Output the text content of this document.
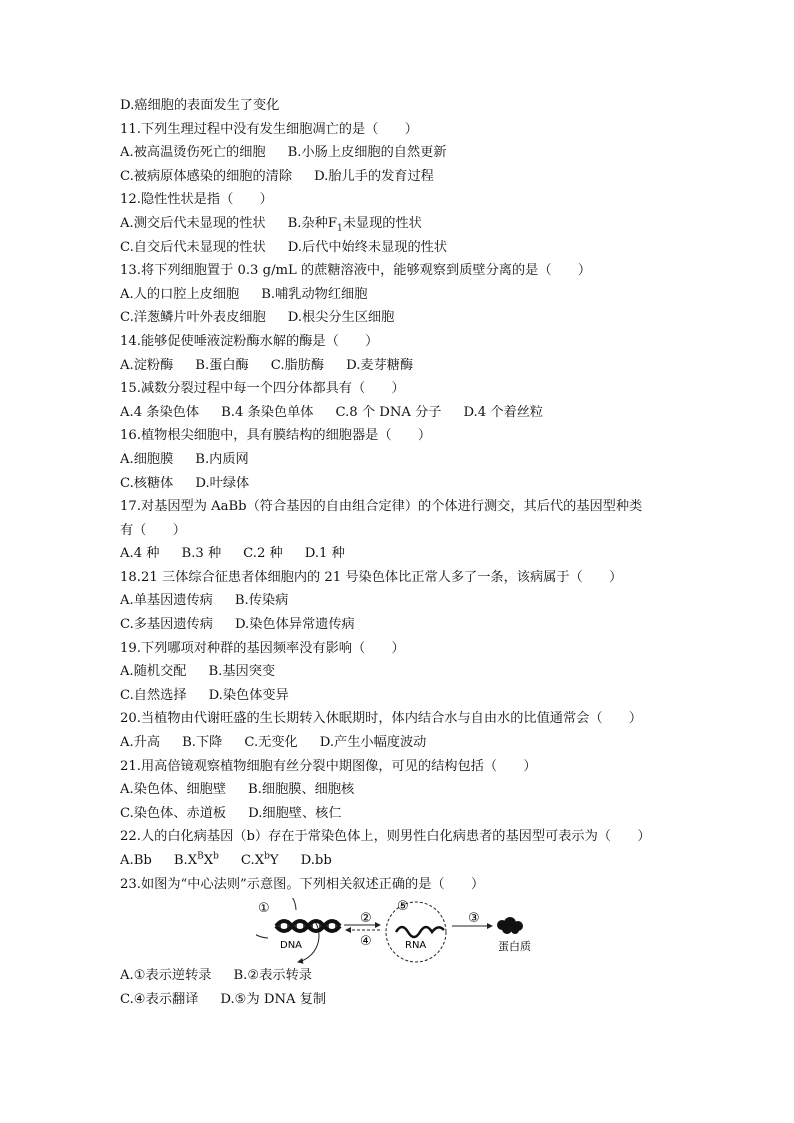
D.癌细胞的表面发生了变化
11.下列生理过程中没有发生细胞凋亡的是（　　）
A.被高温烫伤死亡的细胞 B.小肠上皮细胞的自然更新
C.被病原体感染的细胞的清除 D.胎儿手的发育过程
12.隐性性状是指（　　）
A.测交后代未显现的性状 B.杂种$F_1$未显现的性状
C.自交后代未显现的性状 D.后代中始终未显现的性状
13.将下列细胞置于 0.3 g/mL 的蔗糖溶液中，能够观察到质壁分离的是（　　）
A.人的口腔上皮细胞 B.哺乳动物红细胞
C.洋葱鳞片叶外表皮细胞 D.根尖分生区细胞
14.能够促使唾液淀粉酶水解的酶是（　　）
A.淀粉酶 B.蛋白酶 C.脂肪酶 D.麦芽糖酶
15.减数分裂过程中每一个四分体都具有（　　）
A.4 条染色体 B.4 条染色单体 C.8 个 DNA 分子 D.4 个着丝粒
16.植物根尖细胞中，具有膜结构的细胞器是（　　）
A.细胞膜 B.内质网
C.核糖体 D.叶绿体
17.对基因型为 AaBb（符合基因的自由组合定律）的个体进行测交，其后代的基因型种类
有（　　）
A.4 种 B.3 种 C.2 种 D.1 种
18.21 三体综合征患者体细胞内的 21 号染色体比正常人多了一条，该病属于（　　）
A.单基因遗传病 B.传染病
C.多基因遗传病 D.染色体异常遗传病
19.下列哪项对种群的基因频率没有影响（　　）
A.随机交配 B.基因突变
C.自然选择 D.染色体变异
20.当植物由代谢旺盛的生长期转入休眠期时，体内结合水与自由水的比值通常会（　　）
A.升高 B.下降 C.无变化 D.产生小幅度波动
21.用高倍镜观察植物细胞有丝分裂中期图像，可见的结构包括（　　）
A.染色体、细胞壁 B.细胞膜、细胞核
C.染色体、赤道板 D.细胞壁、核仁
22.人的白化病基因（b）存在于常染色体上，则男性白化病患者的基因型可表示为（　　）
A.Bb $B.X^BX^b$ $C.X^bY$ D.bb
23.如图为“中心法则”示意图。下列相关叙述正确的是（　　）
①
DNA
②
④
⑤
RNA
③
蛋白质
A.①表示逆转录 B.②表示转录
C.④表示翻译 D.⑤为 DNA 复制
